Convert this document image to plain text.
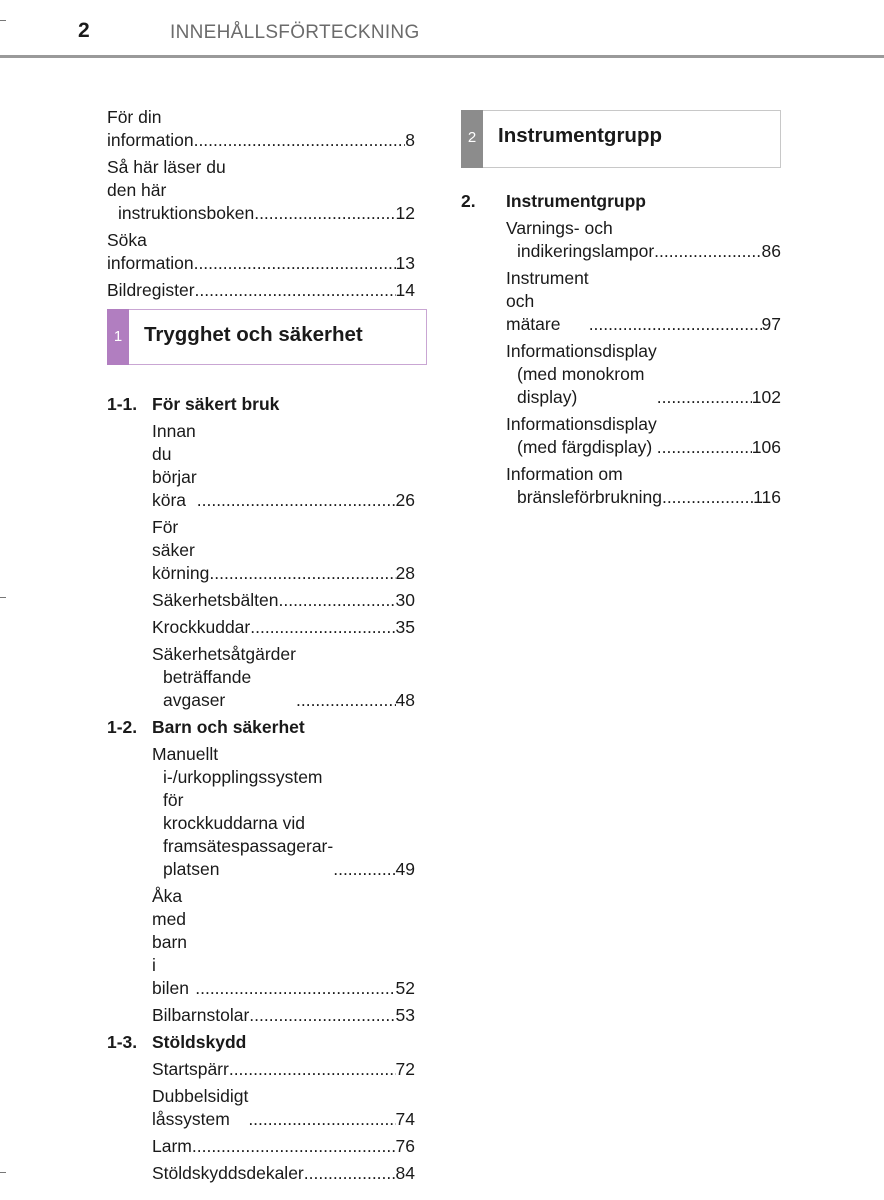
2	INNEHÅLLSFÖRTECKNING
För din information .....	8
Så här läser du den här
instruktionsboken .....	12
Söka information .....	13
Bildregister .....	14
1	Trygghet och säkerhet
1-1. För säkert bruk
Innan du börjar köra .....	26
För säker körning .....	28
Säkerhetsbälten .....	30
Krockkuddar .....	35
Säkerhetsåtgärder
beträffande avgaser .....	48
1-2. Barn och säkerhet
Manuellt
i-/urkopplingssystem för
krockkuddarna vid
framsätespassagerar-
platsen .....	49
Åka med barn i bilen .....	52
Bilbarnstolar .....	53
1-3. Stöldskydd
Startspärr .....	72
Dubbelsidigt låssystem .....	74
Larm .....	76
Stöldskyddsdekaler .....	84
2	Instrumentgrupp
2.	Instrumentgrupp
Varnings- och
indikeringslampor .....	86
Instrument och mätare .....	97
Informationsdisplay
(med monokrom
display) .....	102
Informationsdisplay
(med färgdisplay) .....	106
Information om
bränsleförbrukning .....	116
